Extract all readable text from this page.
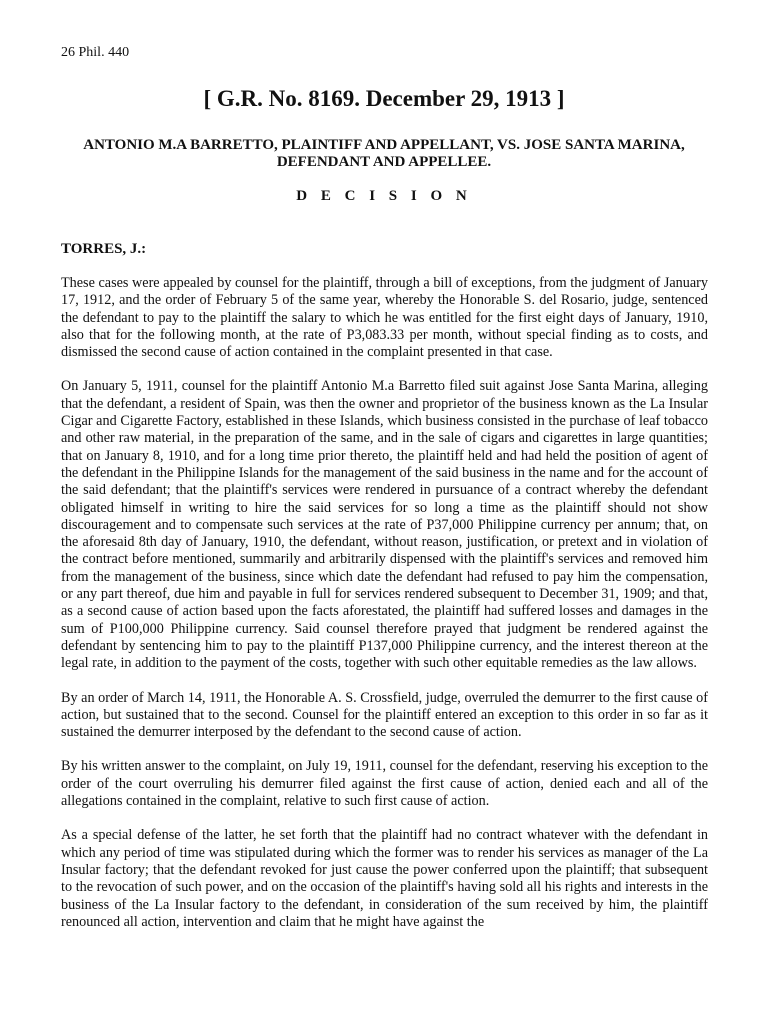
26 Phil. 440
[ G.R. No. 8169. December 29, 1913 ]
ANTONIO M.A BARRETTO, PLAINTIFF AND APPELLANT, VS. JOSE SANTA MARINA, DEFENDANT AND APPELLEE.
D E C I S I O N
TORRES, J.:

These cases were appealed by counsel for the plaintiff, through a bill of exceptions, from the judgment of January 17, 1912, and the order of February 5 of the same year, whereby the Honorable S. del Rosario, judge, sentenced the defendant to pay to the plaintiff the salary to which he was entitled for the first eight days of January, 1910, also that for the following month, at the rate of P3,083.33 per month, without special finding as to costs, and dismissed the second cause of action contained in the complaint presented in that case.

On January 5, 1911, counsel for the plaintiff Antonio M.a Barretto filed suit against Jose Santa Marina, alleging that the defendant, a resident of Spain, was then the owner and proprietor of the business known as the La Insular Cigar and Cigarette Factory, established in these Islands, which business consisted in the purchase of leaf tobacco and other raw material, in the preparation of the same, and in the sale of cigars and cigarettes in large quantities; that on January 8, 1910, and for a long time prior thereto, the plaintiff held and had held the position of agent of the defendant in the Philippine Islands for the management of the said business in the name and for the account of the said defendant; that the plaintiff's services were rendered in pursuance of a contract whereby the defendant obligated himself in writing to hire the said services for so long a time as the plaintiff should not show discouragement and to compensate such services at the rate of P37,000 Philippine currency per annum; that, on the aforesaid 8th day of January, 1910, the defendant, without reason, justification, or pretext and in violation of the contract before mentioned, summarily and arbitrarily dispensed with the plaintiff's services and removed him from the management of the business, since which date the defendant had refused to pay him the compensation, or any part thereof, due him and payable in full for services rendered subsequent to December 31, 1909; and that, as a second cause of action based upon the facts aforestated, the plaintiff had suffered losses and damages in the sum of P100,000 Philippine currency. Said counsel therefore prayed that judgment be rendered against the defendant by sentencing him to pay to the plaintiff P137,000 Philippine currency, and the interest thereon at the legal rate, in addition to the payment of the costs, together with such other equitable remedies as the law allows.

By an order of March 14, 1911, the Honorable A. S. Crossfield, judge, overruled the demurrer to the first cause of action, but sustained that to the second. Counsel for the plaintiff entered an exception to this order in so far as it sustained the demurrer interposed by the defendant to the second cause of action.

By his written answer to the complaint, on July 19, 1911, counsel for the defendant, reserving his exception to the order of the court overruling his demurrer filed against the first cause of action, denied each and all of the allegations contained in the complaint, relative to such first cause of action.

As a special defense of the latter, he set forth that the plaintiff had no contract whatever with the defendant in which any period of time was stipulated during which the former was to render his services as manager of the La Insular factory; that the defendant revoked for just cause the power conferred upon the plaintiff; that subsequent to the revocation of such power, and on the occasion of the plaintiff's having sold all his rights and interests in the business of the La Insular factory to the defendant, in consideration of the sum received by him, the plaintiff renounced all action, intervention and claim that he might have against the
